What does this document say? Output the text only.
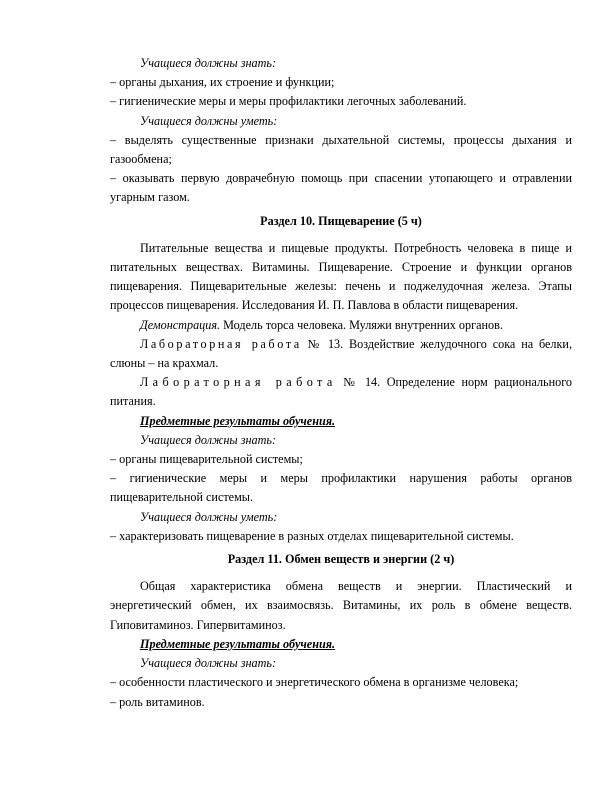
Учащиеся должны знать:

– органы дыхания, их строение и функции;

– гигиенические меры и меры профилактики легочных заболеваний.

Учащиеся должны уметь:

– выделять существенные признаки дыхательной системы, процессы дыхания и газообмена;

– оказывать первую доврачебную помощь при спасении утопающего и отравлении угарным газом.

Раздел 10. Пищеварение (5 ч)

Питательные вещества и пищевые продукты. Потребность человека в пище и питательных веществах. Витамины. Пищеварение. Строение и функции органов пищеварения. Пищеварительные железы: печень и поджелудочная железа. Этапы процессов пищеварения. Исследования И. П. Павлова в области пищеварения.

Демонстрация. Модель торса человека. Муляжи внутренних органов.

Лабораторная работа № 13. Воздействие желудочного сока на белки, слюны – на крахмал.

Лабораторная работа № 14. Определение норм рационального питания.

Предметные результаты обучения.

Учащиеся должны знать:

– органы пищеварительной системы;

– гигиенические меры и меры профилактики нарушения работы органов пищеварительной системы.

Учащиеся должны уметь:

– характеризовать пищеварение в разных отделах пищеварительной системы.

Раздел 11. Обмен веществ и энергии (2 ч)

Общая характеристика обмена веществ и энергии. Пластический и энергетический обмен, их взаимосвязь. Витамины, их роль в обмене веществ. Гиповитаминоз. Гипервитаминоз.

Предметные результаты обучения.

Учащиеся должны знать:

– особенности пластического и энергетического обмена в организме человека;

– роль витаминов.
